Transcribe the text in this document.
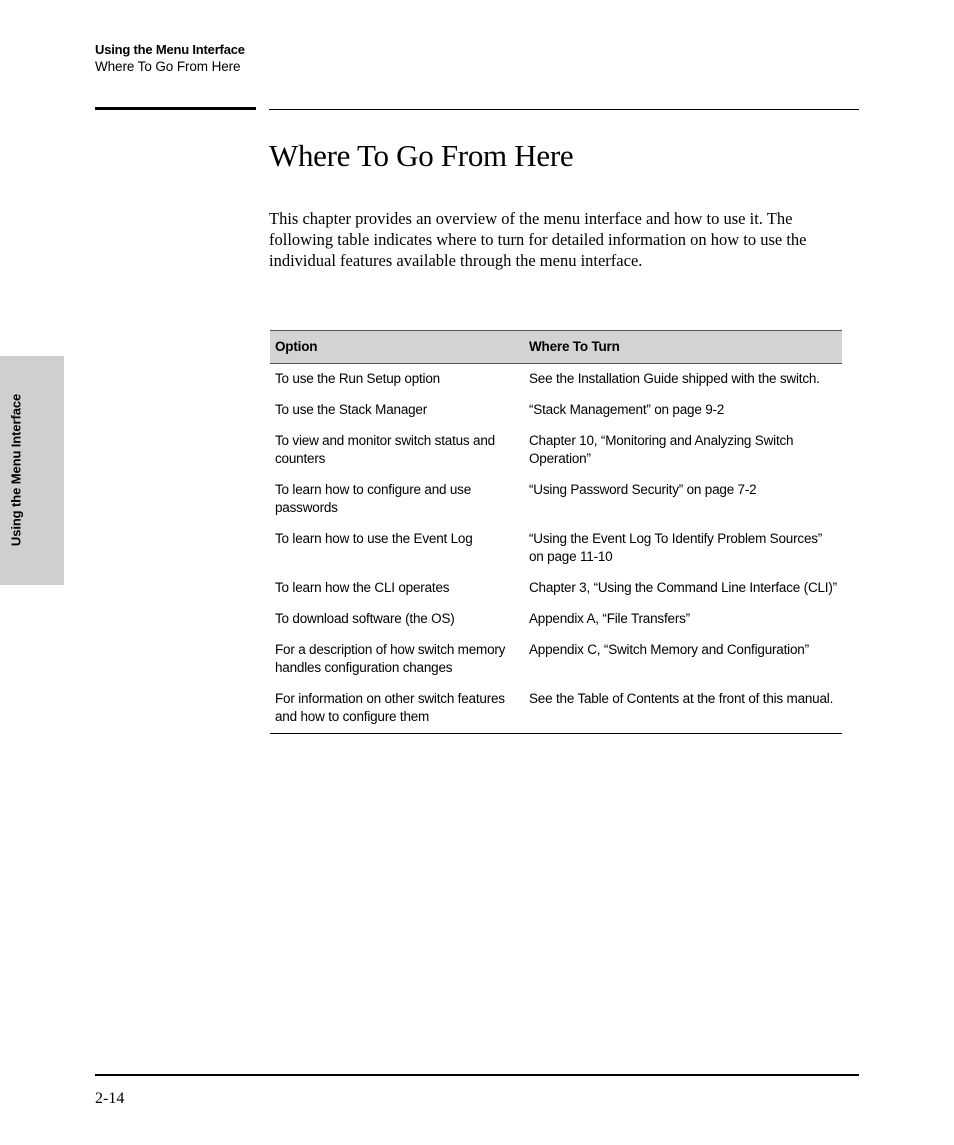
Using the Menu Interface
Where To Go From Here
Where To Go From Here

This chapter provides an overview of the menu interface and how to use it. The following table indicates where to turn for detailed information on how to use the individual features available through the menu interface.

Using the Menu Interface
Option	Where To Turn
To use the Run Setup option	See the Installation Guide shipped with the switch.
To use the Stack Manager	“Stack Management” on page 9-2
To view and monitor switch status and counters	Chapter 10, “Monitoring and Analyzing Switch Operation”
To learn how to configure and use passwords	“Using Password Security” on page 7-2
To learn how to use the Event Log	“Using the Event Log To Identify Problem Sources” on page 11-10
To learn how the CLI operates	Chapter 3, “Using the Command Line Interface (CLI)”
To download software (the OS)	Appendix A, “File Transfers”
For a description of how switch memory handles configuration changes	Appendix C, “Switch Memory and Configuration”
For information on other switch features and how to configure them	See the Table of Contents at the front of this manual.
2-14
